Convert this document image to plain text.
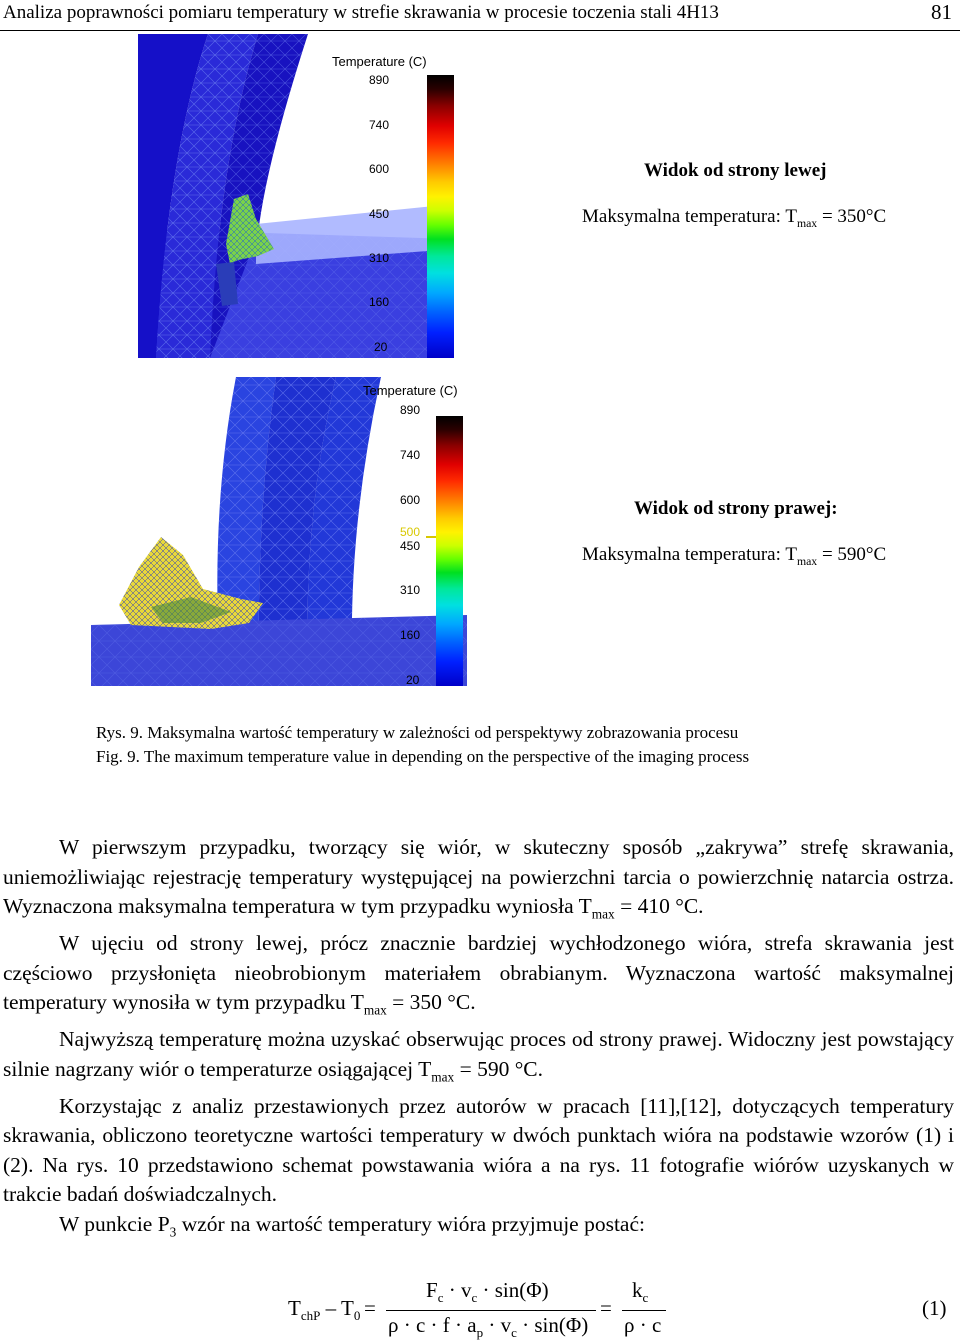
Analiza poprawności pomiaru temperatury w strefie skrawania w procesie toczenia stali 4H13	81
Temperature (C)
890
740
600
450
310
160
20
Widok od strony lewej
Maksymalna temperatura: $T_{max} = 350^\circ C$
Temperature (C)
890
740
600
500
450
310
160
20
Widok od strony prawej:
Maksymalna temperatura: $T_{max} = 590^\circ C$
Rys. 9. Maksymalna wartość temperatury w zależności od perspektywy zobrazowania procesu
Fig. 9. The maximum temperature value in depending on the perspective of the imaging process

W pierwszym przypadku, tworzący się wiór, w skuteczny sposób „zakrywa” strefę skrawania, uniemożliwiając rejestrację temperatury występującej na powierzchni tarcia o powierzchnię natarcia ostrza. Wyznaczona maksymalna temperatura w tym przypadku wyniosła $T_{max} = 410$ °C.

W ujęciu od strony lewej, prócz znacznie bardziej wychłodzonego wióra, strefa skrawania jest częściowo przysłonięta nieobrobionym materiałem obrabianym. Wyznaczona wartość maksymalnej temperatury wynosiła w tym przypadku $T_{max} = 350$ °C.

Najwyższą temperaturę można uzyskać obserwując proces od strony prawej. Widoczny jest powstający silnie nagrzany wiór o temperaturze osiągającej $T_{max} = 590$ °C.

Korzystając z analiz przestawionych przez autorów w pracach [11],[12], dotyczących temperatury skrawania, obliczono teoretyczne wartości temperatury w dwóch punktach wióra na podstawie wzorów (1) i (2). Na rys. 10 przedstawiono schemat powstawania wióra a na rys. 11 fotografie wiórów uzyskanych w trakcie badań doświadczalnych.

W punkcie $P_3$ wzór na wartość temperatury wióra przyjmuje postać:

$T_{chP} - T_0$ =
$F_c \cdot v_c \cdot \sin(\Phi)$
$\rho \cdot c \cdot f \cdot a_p \cdot v_c \cdot \sin(\Phi)$
=
$k_c$
ρ · c
(1)
